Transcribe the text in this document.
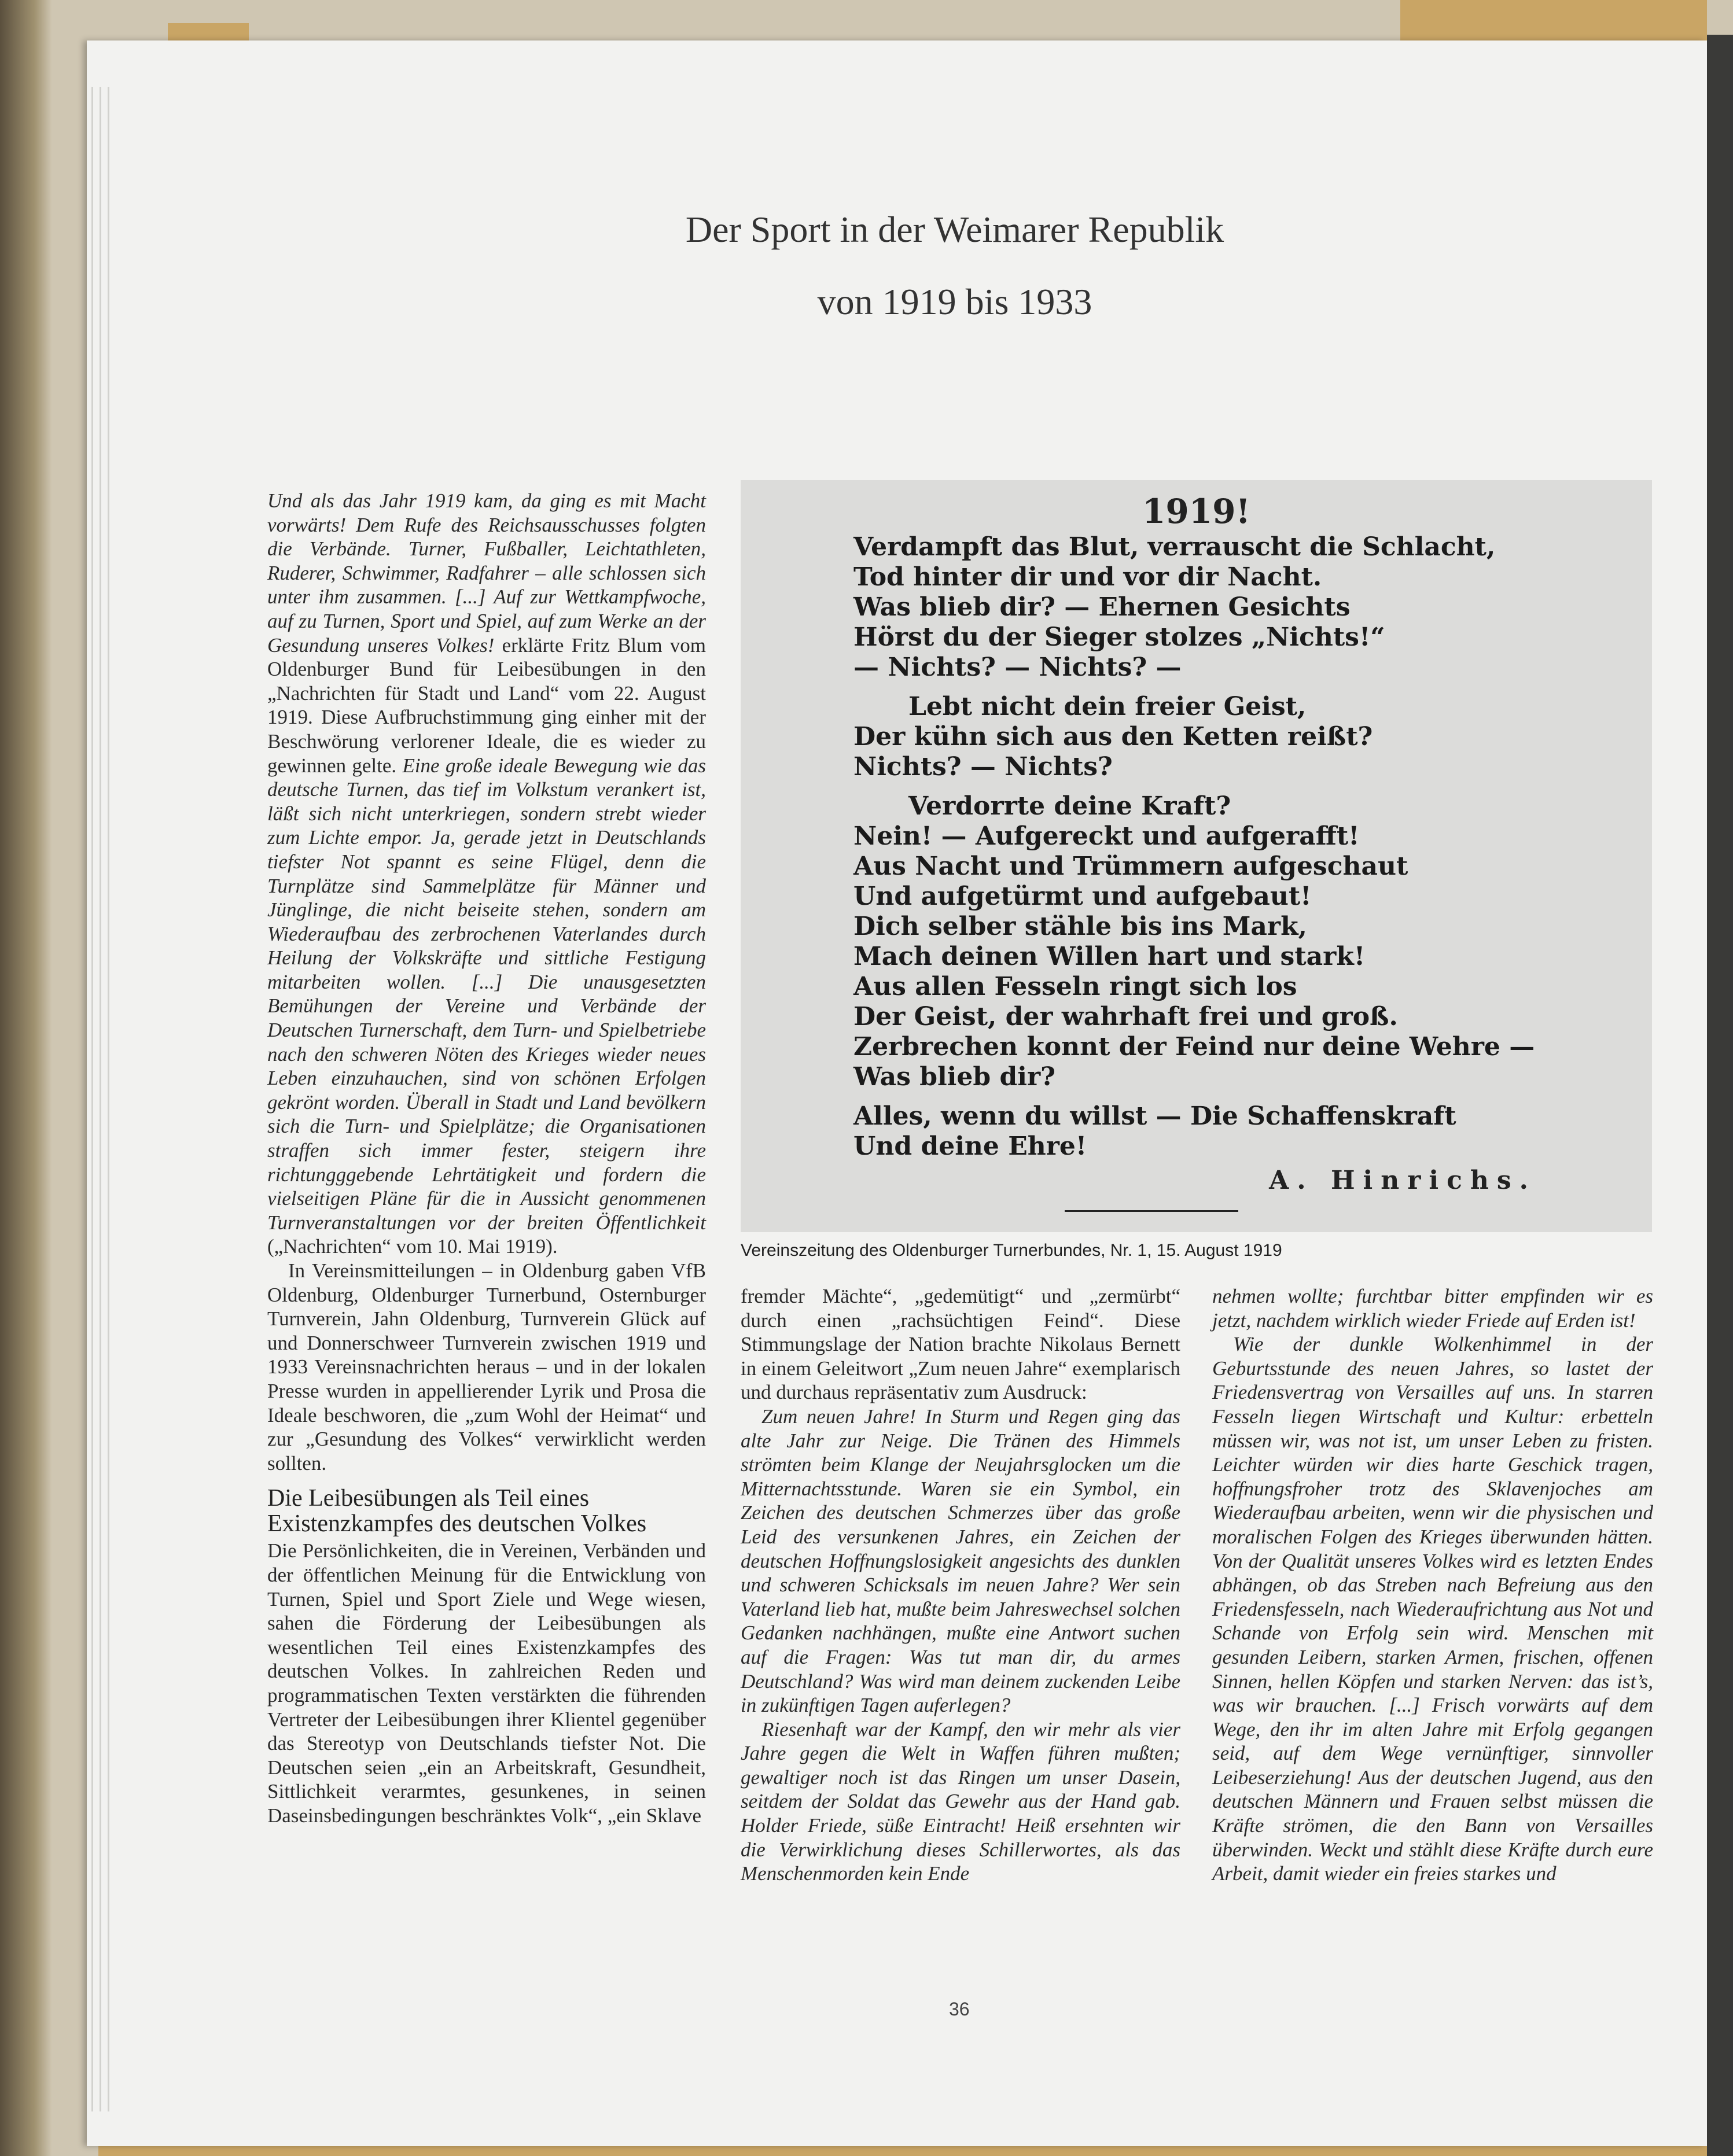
Der Sport in der Weimarer Republik
von 1919 bis 1933

Und als das Jahr 1919 kam, da ging es mit Macht vorwärts! Dem Rufe des Reichsausschusses folgten die Verbände. Turner, Fußballer, Leichtathleten, Ruderer, Schwimmer, Radfahrer – alle schlossen sich unter ihm zusammen. [...] Auf zur Wettkampfwoche, auf zu Turnen, Sport und Spiel, auf zum Werke an der Gesundung unseres Volkes! erklärte Fritz Blum vom Oldenburger Bund für Leibesübungen in den „Nachrichten für Stadt und Land“ vom 22. August 1919. Diese Aufbruchstimmung ging einher mit der Beschwörung verlorener Ideale, die es wieder zu gewinnen gelte. Eine große ideale Bewegung wie das deutsche Turnen, das tief im Volkstum verankert ist, läßt sich nicht unterkriegen, sondern strebt wieder zum Lichte empor. Ja, gerade jetzt in Deutschlands tiefster Not spannt es seine Flügel, denn die Turnplätze sind Sammelplätze für Männer und Jünglinge, die nicht beiseite stehen, sondern am Wiederaufbau des zerbrochenen Vaterlandes durch Heilung der Volkskräfte und sittliche Festigung mitarbeiten wollen. [...] Die unausgesetzten Bemühungen der Vereine und Verbände der Deutschen Turnerschaft, dem Turn- und Spielbetriebe nach den schweren Nöten des Krieges wieder neues Leben einzuhauchen, sind von schönen Erfolgen gekrönt worden. Überall in Stadt und Land bevölkern sich die Turn- und Spielplätze; die Organisationen straffen sich immer fester, steigern ihre richtungggebende Lehrtätigkeit und fordern die vielseitigen Pläne für die in Aussicht genommenen Turnveranstaltungen vor der breiten Öffentlichkeit („Nachrichten“ vom 10. Mai 1919).

In Vereinsmitteilungen – in Oldenburg gaben VfB Oldenburg, Oldenburger Turnerbund, Osternburger Turnverein, Jahn Oldenburg, Turnverein Glück auf und Donnerschweer Turnverein zwischen 1919 und 1933 Vereinsnachrichten heraus – und in der lokalen Presse wurden in appellierender Lyrik und Prosa die Ideale beschworen, die „zum Wohl der Heimat“ und zur „Gesundung des Volkes“ verwirklicht werden sollten.

Die Leibesübungen als Teil eines Existenzkampfes des deutschen Volkes

Die Persönlichkeiten, die in Vereinen, Verbänden und der öffentlichen Meinung für die Entwicklung von Turnen, Spiel und Sport Ziele und Wege wiesen, sahen die Förderung der Leibesübungen als wesentlichen Teil eines Existenzkampfes des deutschen Volkes. In zahlreichen Reden und programmatischen Texten verstärkten die führenden Vertreter der Leibesübungen ihrer Klientel gegenüber das Stereotyp von Deutschlands tiefster Not. Die Deutschen seien „ein an Arbeitskraft, Gesundheit, Sittlichkeit verarmtes, gesunkenes, in seinen Daseinsbedingungen beschränktes Volk“, „ein Sklave

1919!
Verdampft das Blut, verrauscht die Schlacht,
Tod hinter dir und vor dir Nacht.
Was blieb dir? — Ehernen Gesichts
Hörst du der Sieger stolzes „Nichts!“
— Nichts? — Nichts? —
Lebt nicht dein freier Geist,
Der kühn sich aus den Ketten reißt?
Nichts? — Nichts?
Verdorrte deine Kraft?
Nein! — Aufgereckt und aufgerafft!
Aus Nacht und Trümmern aufgeschaut
Und aufgetürmt und aufgebaut!
Dich selber stähle bis ins Mark,
Mach deinen Willen hart und stark!
Aus allen Fesseln ringt sich los
Der Geist, der wahrhaft frei und groß.
Zerbrechen konnt der Feind nur deine Wehre —
Was blieb dir?
Alles, wenn du willst — Die Schaffenskraft
Und deine Ehre!
A. Hinrichs.
Vereinszeitung des Oldenburger Turnerbundes, Nr. 1, 15. August 1919

fremder Mächte“, „gedemütigt“ und „zermürbt“ durch einen „rachsüchtigen Feind“. Diese Stimmungslage der Nation brachte Nikolaus Bernett in einem Geleitwort „Zum neuen Jahre“ exemplarisch und durchaus repräsentativ zum Ausdruck:

Zum neuen Jahre! In Sturm und Regen ging das alte Jahr zur Neige. Die Tränen des Himmels strömten beim Klange der Neujahrsglocken um die Mitternachtsstunde. Waren sie ein Symbol, ein Zeichen des deutschen Schmerzes über das große Leid des versunkenen Jahres, ein Zeichen der deutschen Hoffnungslosigkeit angesichts des dunklen und schweren Schicksals im neuen Jahre? Wer sein Vaterland lieb hat, mußte beim Jahreswechsel solchen Gedanken nachhängen, mußte eine Antwort suchen auf die Fragen: Was tut man dir, du armes Deutschland? Was wird man deinem zuckenden Leibe in zukünftigen Tagen auferlegen?

Riesenhaft war der Kampf, den wir mehr als vier Jahre gegen die Welt in Waffen führen mußten; gewaltiger noch ist das Ringen um unser Dasein, seitdem der Soldat das Gewehr aus der Hand gab. Holder Friede, süße Eintracht! Heiß ersehnten wir die Verwirklichung dieses Schillerwortes, als das Menschenmorden kein Ende

nehmen wollte; furchtbar bitter empfinden wir es jetzt, nachdem wirklich wieder Friede auf Erden ist!

Wie der dunkle Wolkenhimmel in der Geburtsstunde des neuen Jahres, so lastet der Friedensvertrag von Versailles auf uns. In starren Fesseln liegen Wirtschaft und Kultur: erbetteln müssen wir, was not ist, um unser Leben zu fristen. Leichter würden wir dies harte Geschick tragen, hoffnungsfroher trotz des Sklavenjoches am Wiederaufbau arbeiten, wenn wir die physischen und moralischen Folgen des Krieges überwunden hätten. Von der Qualität unseres Volkes wird es letzten Endes abhängen, ob das Streben nach Befreiung aus den Friedensfesseln, nach Wiederaufrichtung aus Not und Schande von Erfolg sein wird. Menschen mit gesunden Leibern, starken Armen, frischen, offenen Sinnen, hellen Köpfen und starken Nerven: das ist’s, was wir brauchen. [...] Frisch vorwärts auf dem Wege, den ihr im alten Jahre mit Erfolg gegangen seid, auf dem Wege vernünftiger, sinnvoller Leibeserziehung! Aus der deutschen Jugend, aus den deutschen Männern und Frauen selbst müssen die Kräfte strömen, die den Bann von Versailles überwinden. Weckt und stählt diese Kräfte durch eure Arbeit, damit wieder ein freies starkes und

36
